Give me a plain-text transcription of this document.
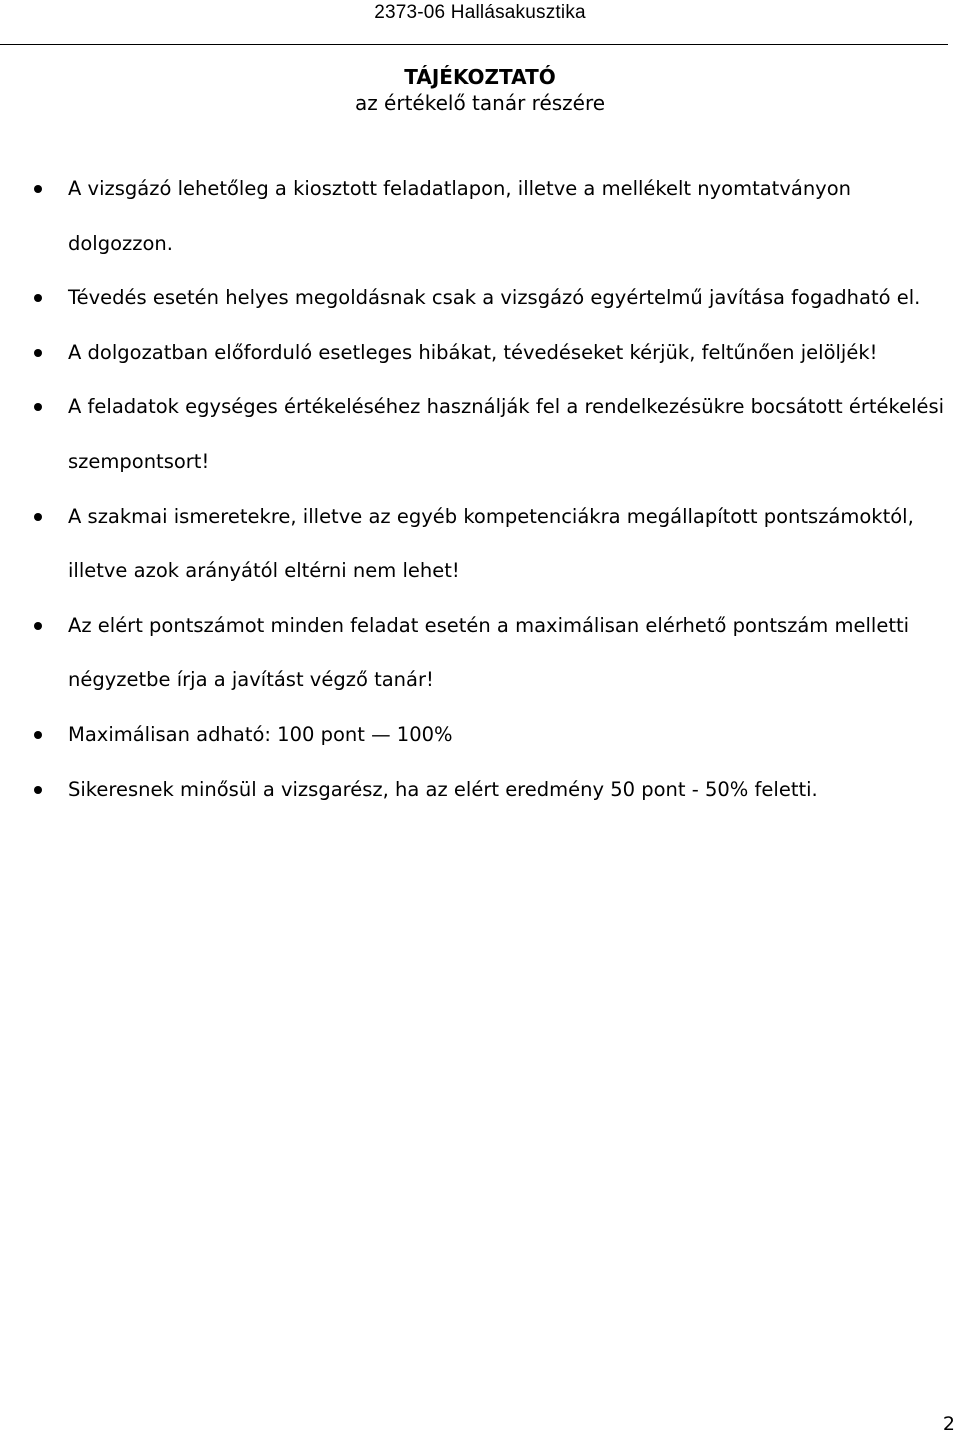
2373-06 Hallásakusztika
TÁJÉKOZTATÓ
az értékelő tanár részére
A vizsgázó lehetőleg a kiosztott feladatlapon, illetve a mellékelt nyomtatványon dolgozzon.
Tévedés esetén helyes megoldásnak csak a vizsgázó egyértelmű javítása fogadható el.
A dolgozatban előforduló esetleges hibákat, tévedéseket kérjük, feltűnően jelöljék!
A feladatok egységes értékeléséhez használják fel a rendelkezésükre bocsátott értékelési szempontsort!
A szakmai ismeretekre, illetve az egyéb kompetenciákra megállapított pontszámoktól, illetve azok arányától eltérni nem lehet!
Az elért pontszámot minden feladat esetén a maximálisan elérhető pontszám melletti négyzetbe írja a javítást végző tanár!
Maximálisan adható: 100 pont — 100%
Sikeresnek minősül a vizsgarész, ha az elért eredmény 50 pont - 50% feletti.
2
